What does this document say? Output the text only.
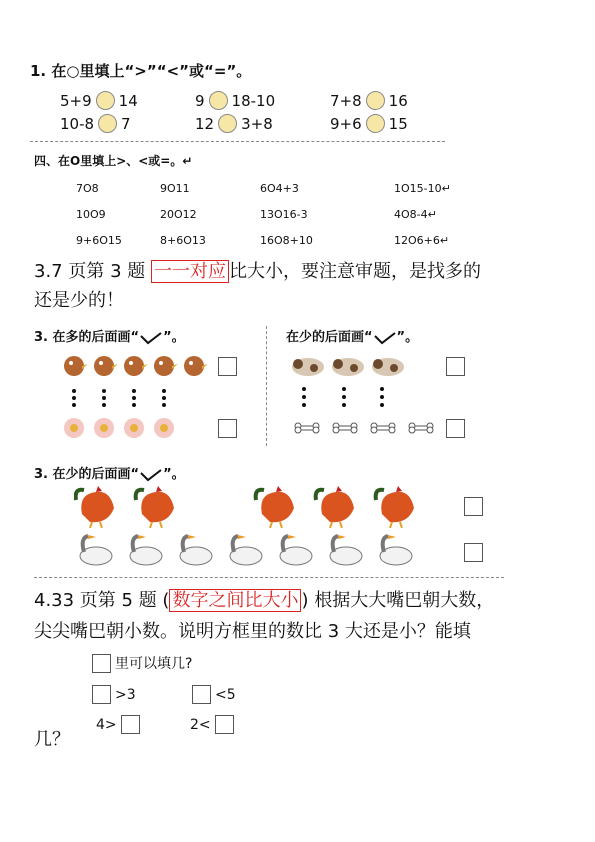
1. 在○里填上“>”“<”或“=”。
5+9 14	9 18-10	7+8 16
10-8 7	12 3+8	9+6 15
四、在O里填上>、<或=。↵
7O8	9O11	6O4+3	1O15-10↵
10O9	20O12	13O16-3	4O8-4↵
9+6O15	8+6O13	16O8+10	12O6+6↵
3.7 页第 3 题 一一对应 比大小，要注意审题，是找多的
还是少的！
3. 在多的后面画“ ”。	在少的后面画“ ”。
3. 在少的后面画“ ”。
4.33 页第 5 题 ( 数字之间比大小 ) 根据大大嘴巴朝大数，
尖尖嘴巴朝小数。说明方框里的数比 3 大还是小？能填
里可以填几?
>3	<5
4>	2<
几？
